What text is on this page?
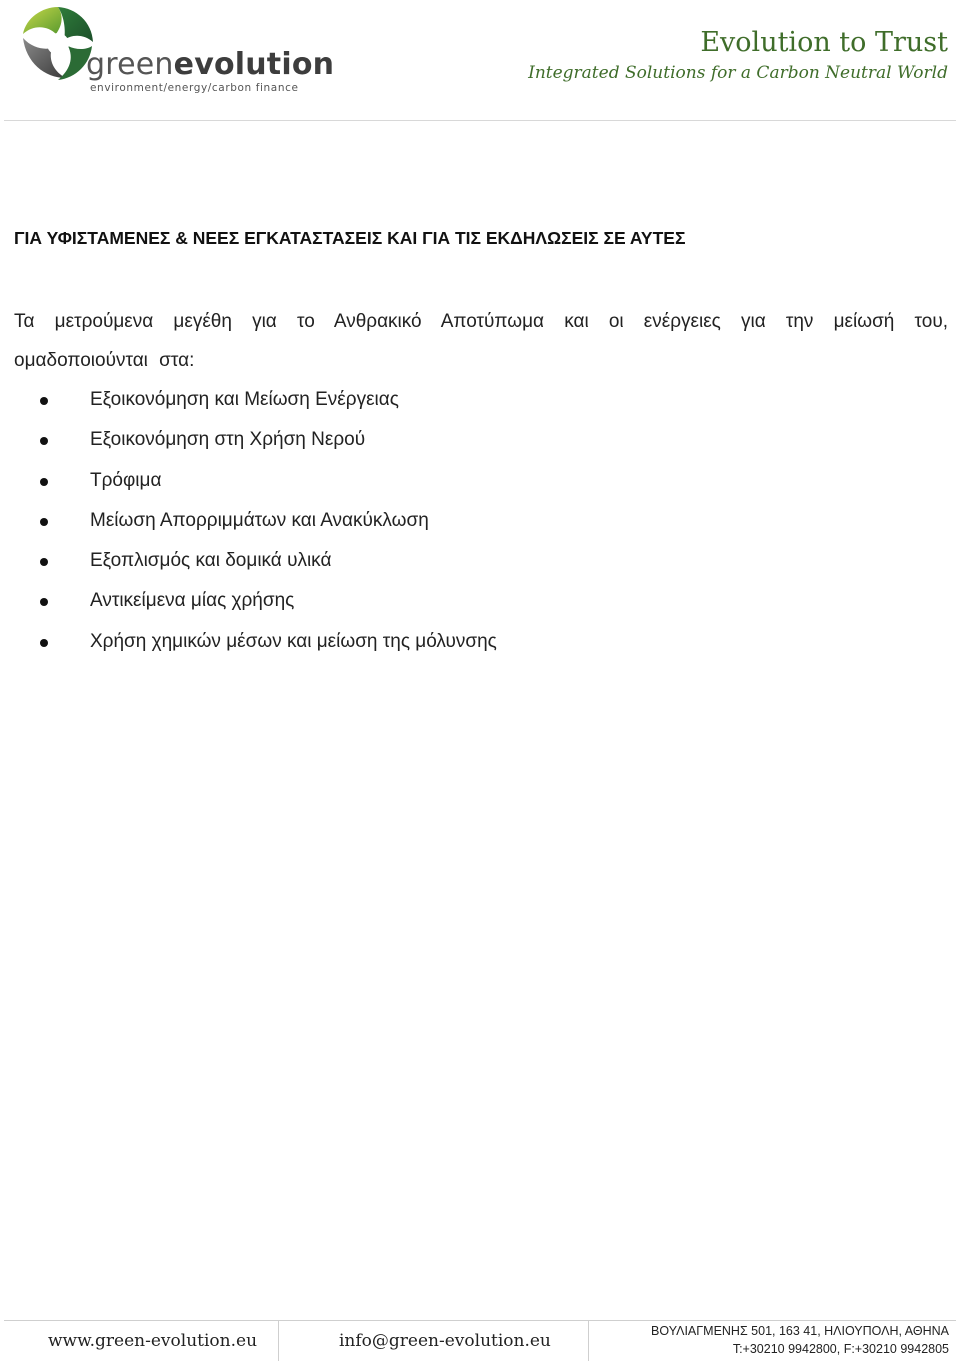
greenevolution
environment/energy/carbon finance
Evolution to Trust
Integrated Solutions for a Carbon Neutral World
ΓΙΑ ΥΦΙΣΤΑΜΕΝΕΣ & ΝΕΕΣ ΕΓΚΑΤΑΣΤΑΣΕΙΣ ΚΑΙ ΓΙΑ ΤΙΣ ΕΚΔΗΛΩΣΕΙΣ ΣΕ ΑΥΤΕΣ

Τα μετρούμενα μεγέθη για το Ανθρακικό Αποτύπωμα και οι ενέργειες για την μείωσή του, ομαδοποιούνται στα:

Εξοικονόμηση και Μείωση Ενέργειας
Εξοικονόμηση στη Χρήση Νερού
Τρόφιμα
Μείωση Απορριμμάτων και Ανακύκλωση
Εξοπλισμός και δομικά υλικά
Αντικείμενα μίας χρήσης
Χρήση χημικών μέσων και μείωση της μόλυνσης
www.green-evolution.eu	info@green-evolution.eu	ΒΟΥΛΙΑΓΜΕΝΗΣ 501, 163 41, ΗΛΙΟΥΠΟΛΗ, ΑΘΗΝΑ
T:+30210 9942800, F:+30210 9942805
